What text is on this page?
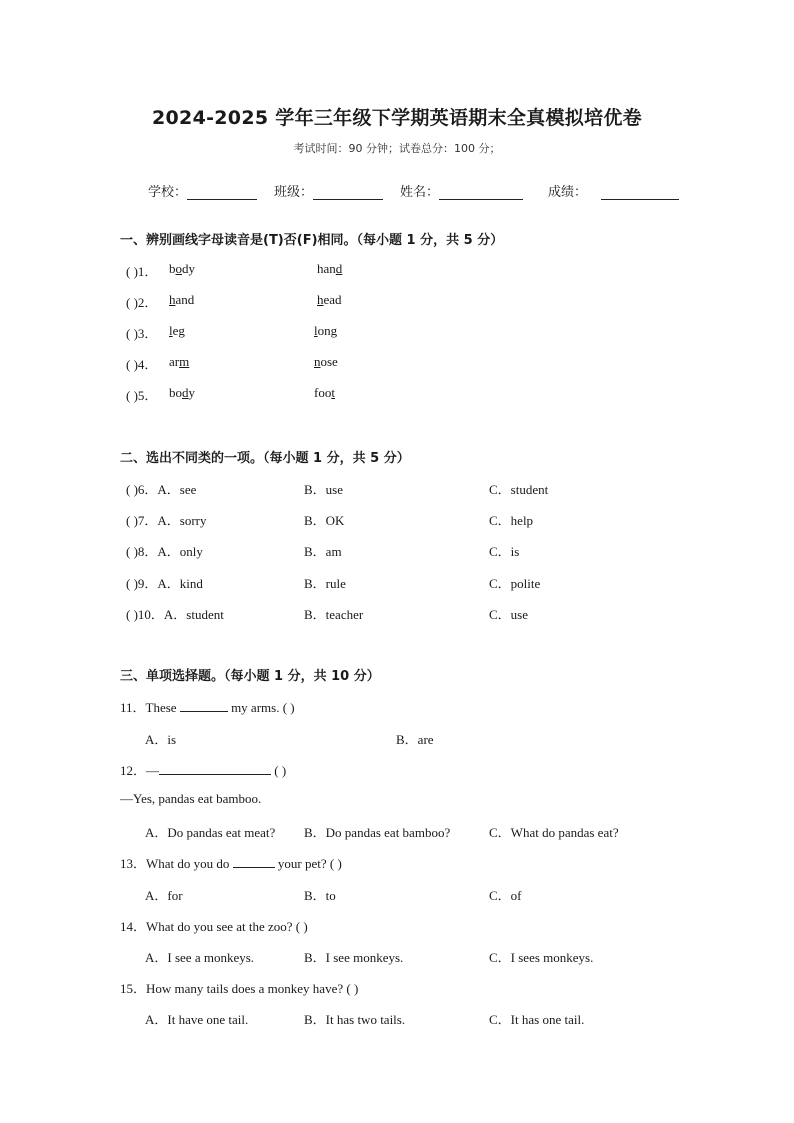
2024-2025 学年三年级下学期英语期末全真模拟培优卷
考试时间：90 分钟；试卷总分：100 分；
学校：	班级：	姓名：	成绩：
一、辨别画线字母读音是(T)否(F)相同。（每小题 1 分，共 5 分）
( )1． body	hand
( )2． hand	head
( )3． leg	long
( )4． arm	nose
( )5． body	foot
二、选出不同类的一项。（每小题 1 分，共 5 分）
( )6．A．see	B．use	C．student
( )7．A．sorry	B．OK	C．help
( )8．A．only	B．am	C．is
( )9．A．kind	B．rule	C．polite
( )10．A．student	B．teacher	C．use
三、单项选择题。（每小题 1 分，共 10 分）
11．These	my arms. ( )
A．is	B．are
12．—	( )
—Yes, pandas eat bamboo.
A．Do pandas eat meat? B．Do pandas eat bamboo?	C．What do pandas eat?
13．What do you do	your pet? ( )
A．for	B．to	C．of
14．What do you see at the zoo? ( )
A．I see a monkeys.	B．I see monkeys.	C．I sees monkeys.
15．How many tails does a monkey have? ( )
A．It have one tail.	B．It has two tails.	C．It has one tail.
